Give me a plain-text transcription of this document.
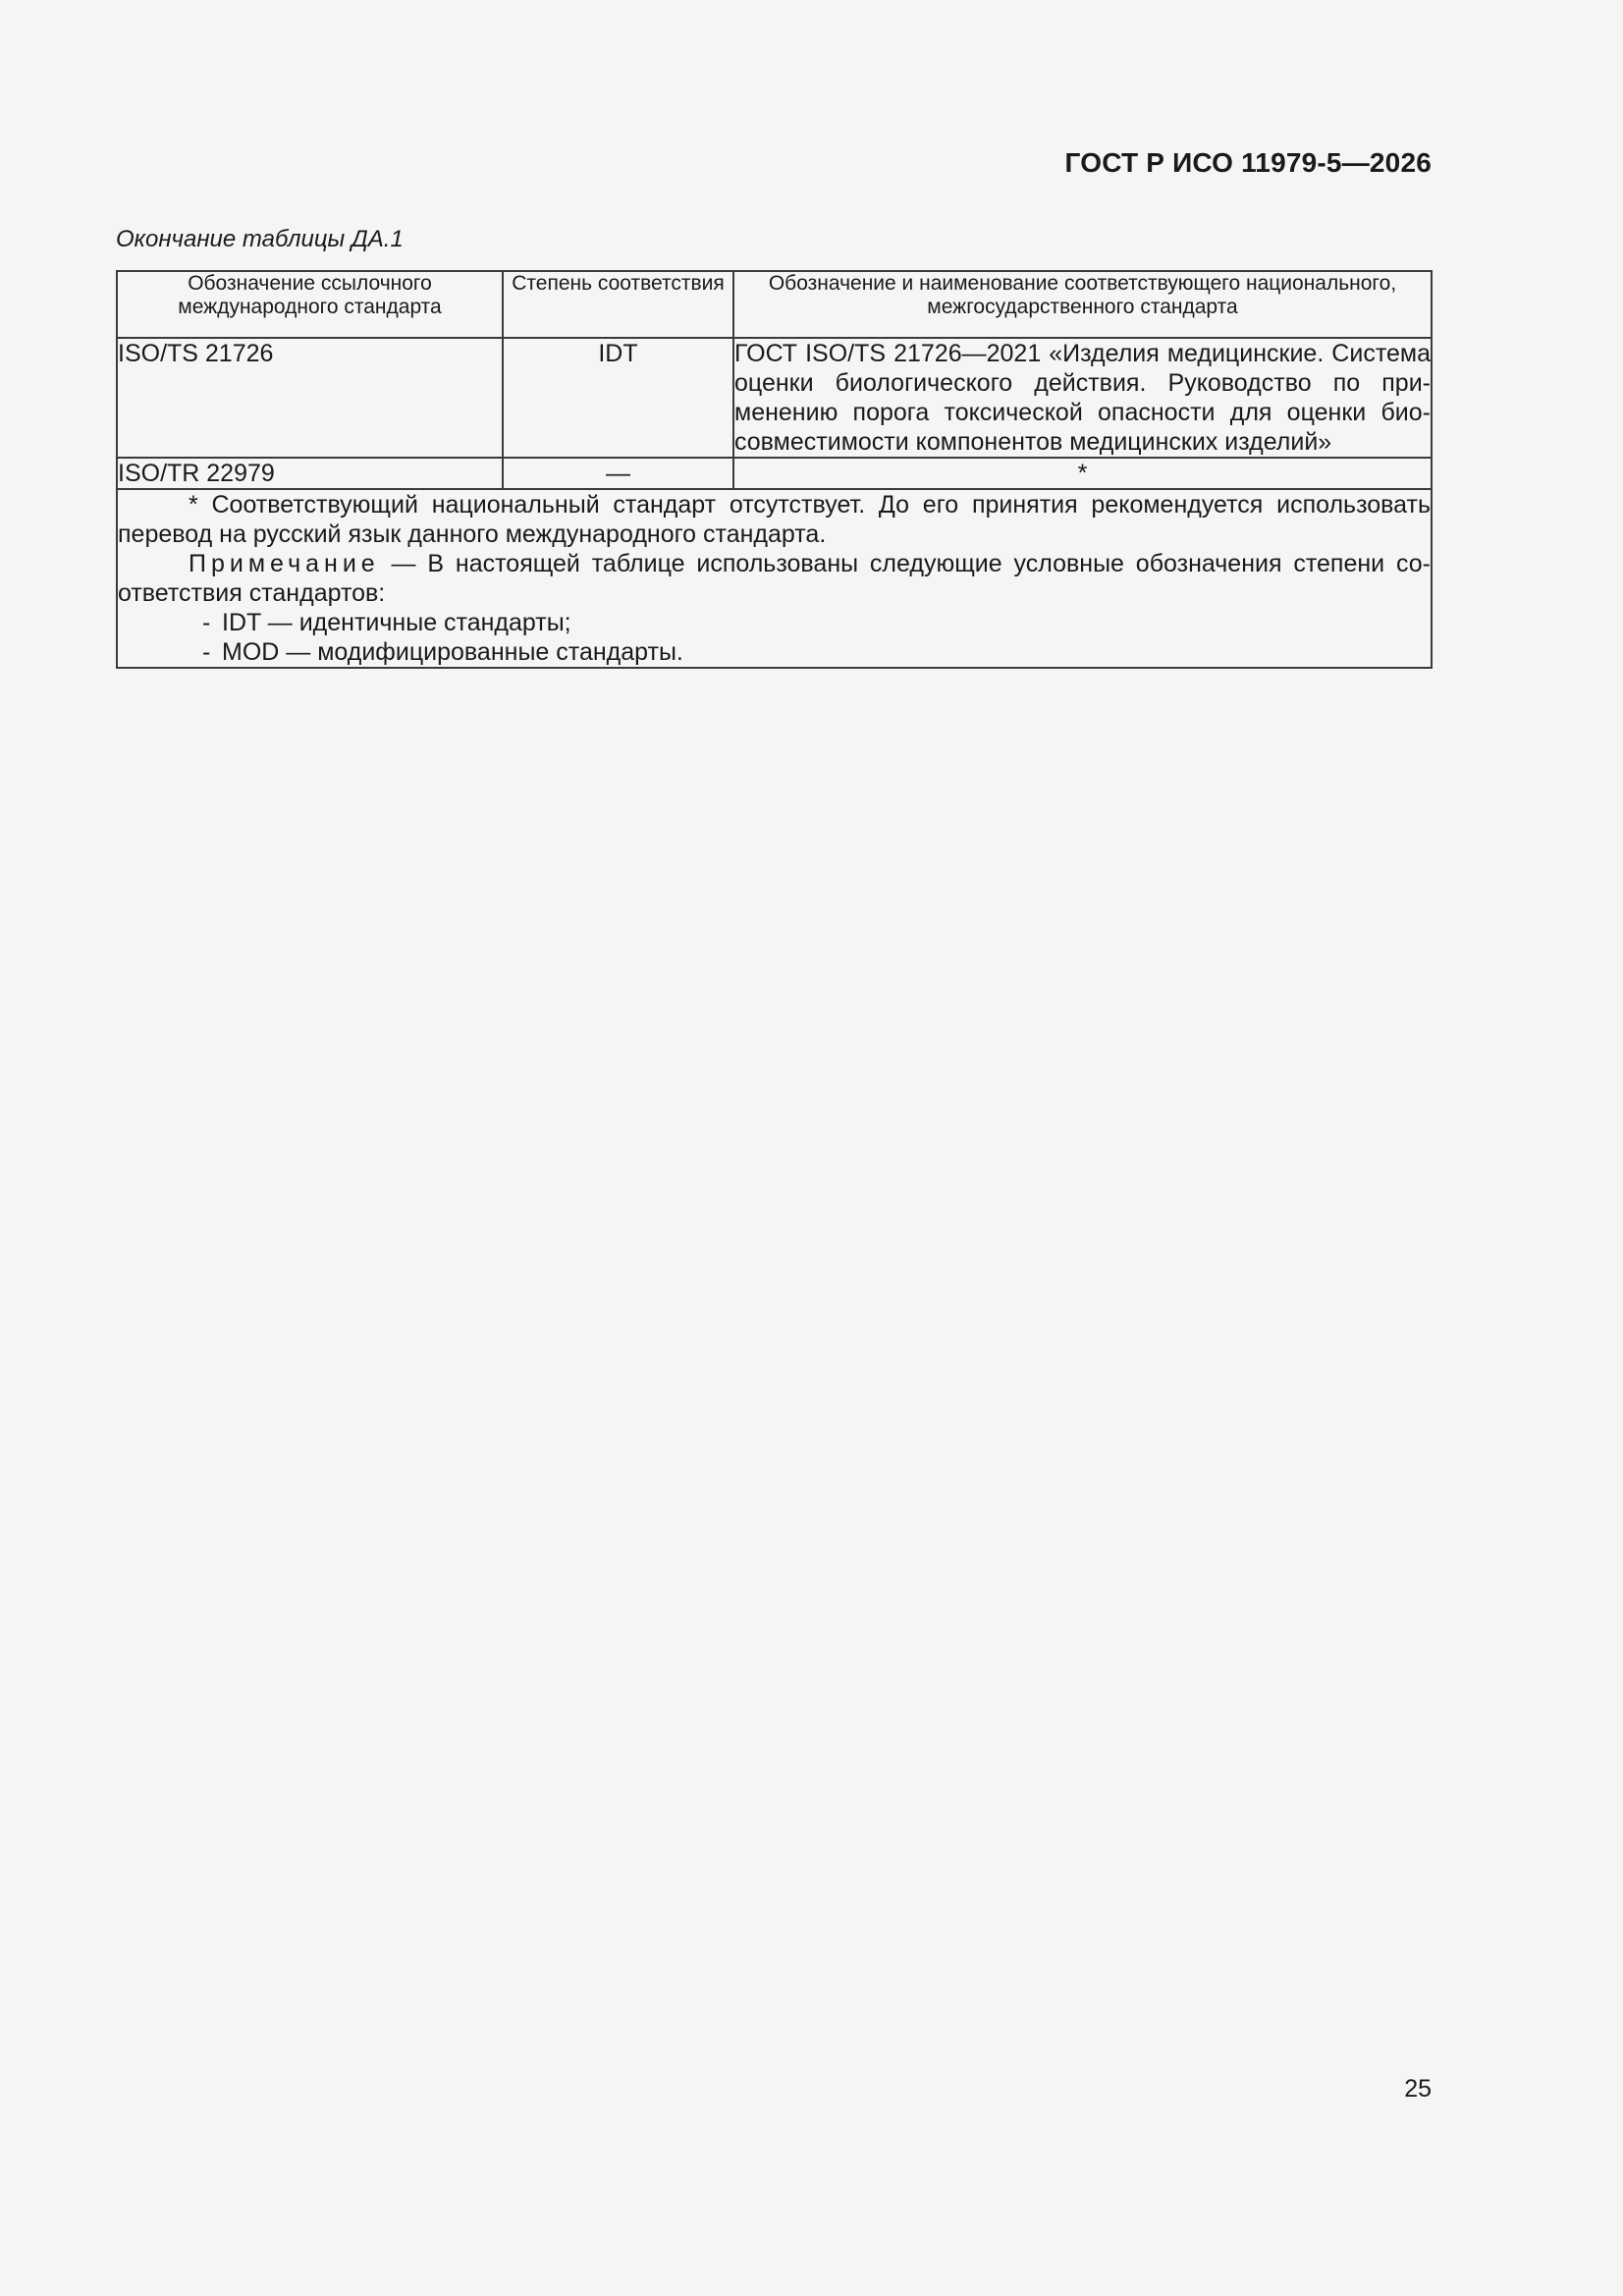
ГОСТ Р ИСО 11979-5—2026
Окончание таблицы ДА.1
Обозначение ссылочного международного стандарта	Степень соответствия	Обозначение и наименование соответствующего национального, межгосударственного стандарта
ISO/TS 21726	IDT	ГОСТ ISO/TS 21726—2021 «Изделия медицинские. Система оценки биологического действия. Руководство по применению порога токсической опасности для оценки биосовместимости компонентов медицинских изделий»
ISO/TR 22979	—	*

* Соответствующий национальный стандарт отсутствует. До его принятия рекомендуется использовать перевод на русский язык данного международного стандарта.

Примечание — В настоящей таблице использованы следующие условные обозначения степени соответствия стандартов:

- IDT — идентичные стандарты;

- MOD — модифицированные стандарты.		

25
